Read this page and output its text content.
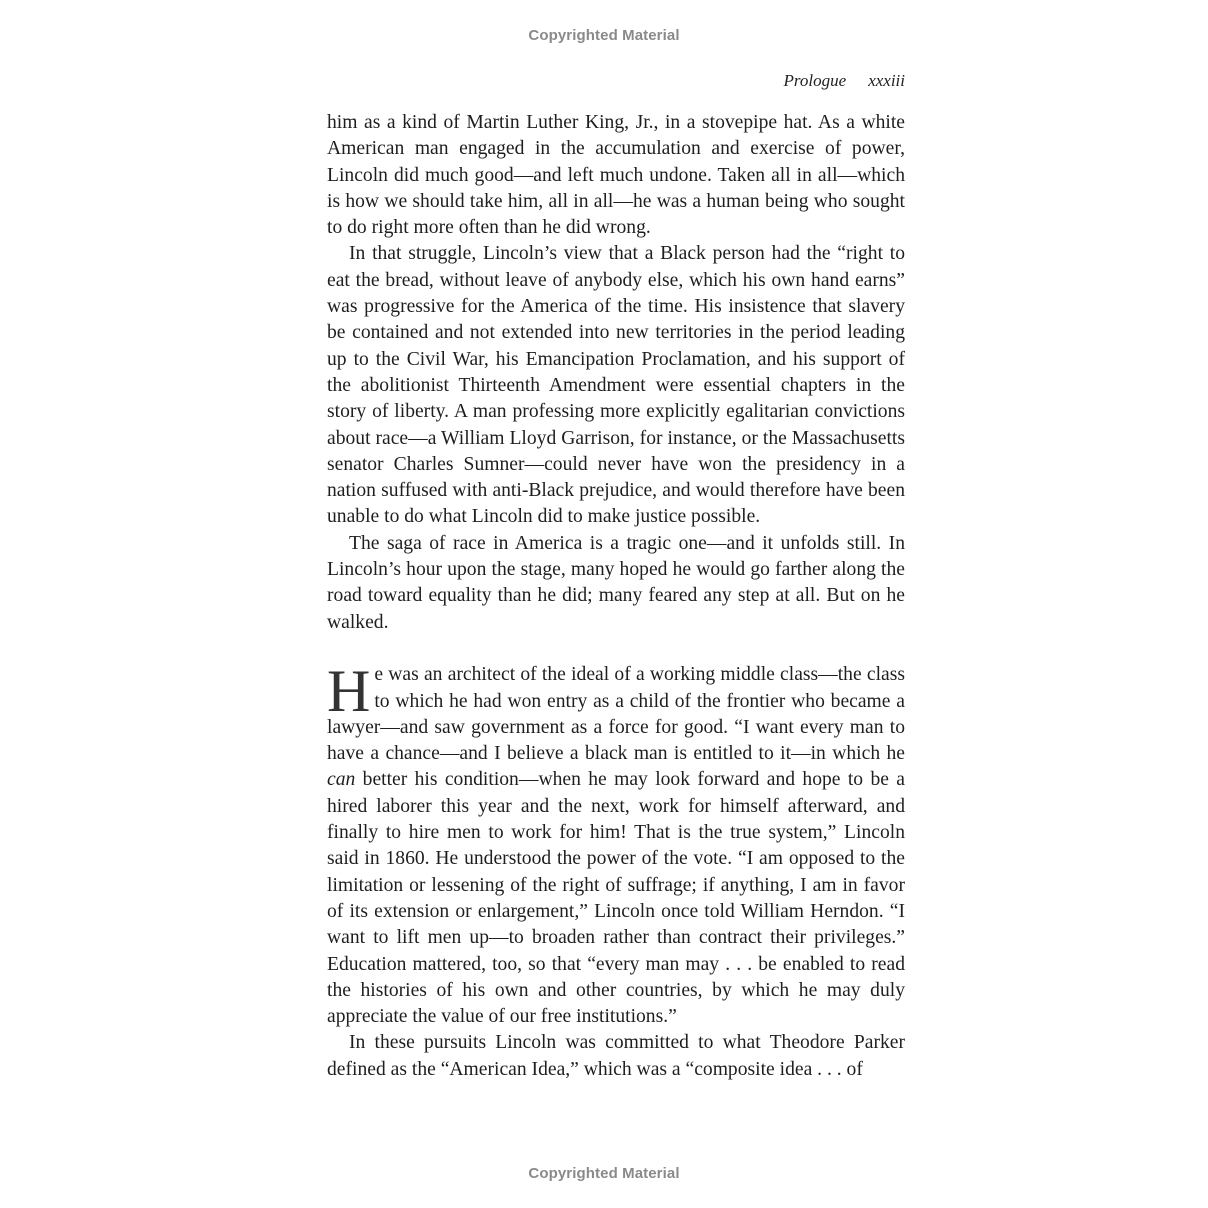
Copyrighted Material
Prologue xxxiii

him as a kind of Martin Luther King, Jr., in a stovepipe hat. As a white American man engaged in the accumulation and exercise of power, Lincoln did much good—and left much undone. Taken all in all—which is how we should take him, all in all—he was a human being who sought to do right more often than he did wrong.

In that struggle, Lincoln’s view that a Black person had the “right to eat the bread, without leave of anybody else, which his own hand earns” was progressive for the America of the time. His insistence that slavery be contained and not extended into new territories in the period leading up to the Civil War, his Emancipation Proclamation, and his support of the abolitionist Thirteenth Amendment were essential chapters in the story of liberty. A man professing more explicitly egalitarian convictions about race—a William Lloyd Garrison, for instance, or the Massachusetts senator Charles Sumner—could never have won the presidency in a nation suffused with anti-Black prejudice, and would therefore have been unable to do what Lincoln did to make justice possible.

The saga of race in America is a tragic one—and it unfolds still. In Lincoln’s hour upon the stage, many hoped he would go farther along the road toward equality than he did; many feared any step at all. But on he walked.

He was an architect of the ideal of a working middle class—the class to which he had won entry as a child of the frontier who became a lawyer—and saw government as a force for good. “I want every man to have a chance—and I believe a black man is entitled to it—in which he can better his condition—when he may look forward and hope to be a hired laborer this year and the next, work for himself afterward, and finally to hire men to work for him! That is the true system,” Lincoln said in 1860. He understood the power of the vote. “I am opposed to the limitation or lessening of the right of suffrage; if anything, I am in favor of its extension or enlargement,” Lincoln once told William Herndon. “I want to lift men up—to broaden rather than contract their privileges.” Education mattered, too, so that “every man may . . . be enabled to read the histories of his own and other countries, by which he may duly appreciate the value of our free institutions.”

In these pursuits Lincoln was committed to what Theodore Parker defined as the “American Idea,” which was a “composite idea . . . of

Copyrighted Material
